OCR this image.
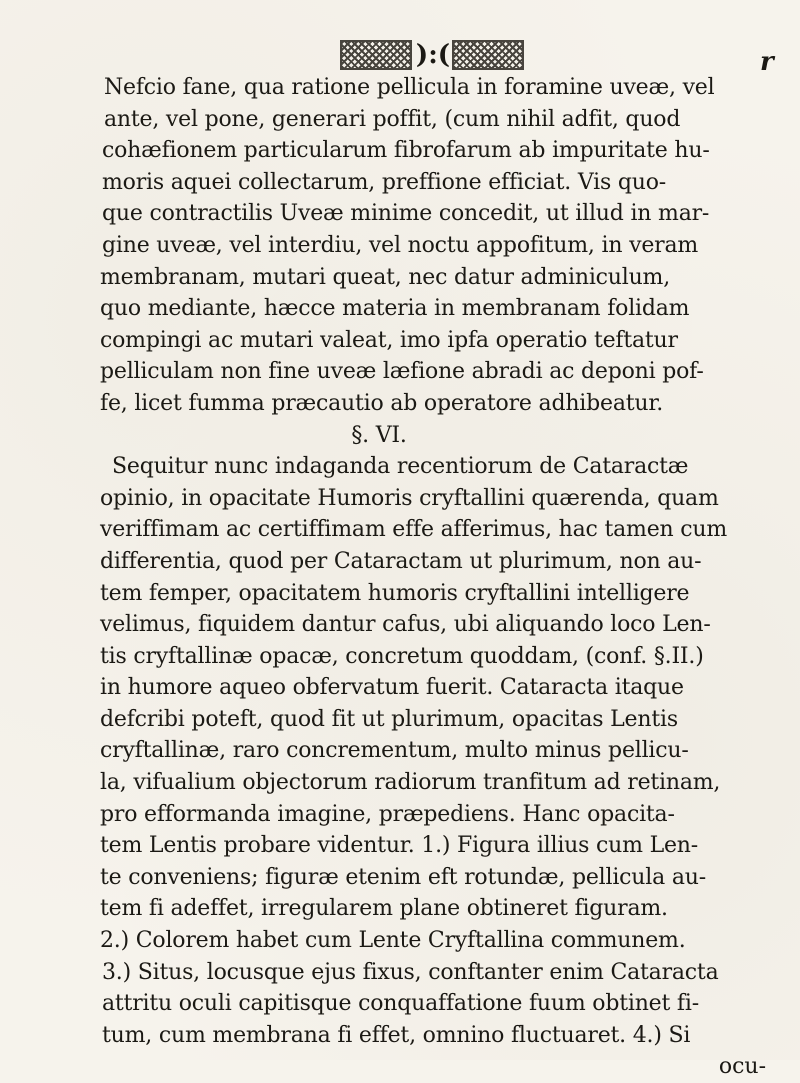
):(	r
Nefcio fane, qua ratione pellicula in foramine uveæ, vel
ante, vel pone, generari poffit, (cum nihil adfit, quod
cohæfionem particularum fibrofarum ab impuritate hu-
moris aquei collectarum, preffione efficiat. Vis quo-
que contractilis Uveæ minime concedit, ut illud in mar-
gine uveæ, vel interdiu, vel noctu appofitum, in veram
membranam, mutari queat, nec datur adminiculum,
quo mediante, hæcce materia in membranam folidam
compingi ac mutari valeat, imo ipfa operatio teftatur
pelliculam non fine uveæ læfione abradi ac deponi pof-
fe, licet fumma præcautio ab operatore adhibeatur.
§. VI.
Sequitur nunc indaganda recentiorum de Cataractæ
opinio, in opacitate Humoris cryftallini quærenda, quam
veriffimam ac certiffimam effe afferimus, hac tamen cum
differentia, quod per Cataractam ut plurimum, non au-
tem femper, opacitatem humoris cryftallini intelligere
velimus, fiquidem dantur cafus, ubi aliquando loco Len-
tis cryftallinæ opacæ, concretum quoddam, (conf. §.II.)
in humore aqueo obfervatum fuerit. Cataracta itaque
defcribi poteft, quod fit ut plurimum, opacitas Lentis
cryftallinæ, raro concrementum, multo minus pellicu-
la, vifualium objectorum radiorum tranfitum ad retinam,
pro efformanda imagine, præpediens. Hanc opacita-
tem Lentis probare videntur. 1.) Figura illius cum Len-
te conveniens; figuræ etenim eft rotundæ, pellicula au-
tem fi adeffet, irregularem plane obtineret figuram.
2.) Colorem habet cum Lente Cryftallina communem.
3.) Situs, locusque ejus fixus, conftanter enim Cataracta
attritu oculi capitisque conquaffatione fuum obtinet fi-
tum, cum membrana fi effet, omnino fluctuaret. 4.) Si
ocu-
